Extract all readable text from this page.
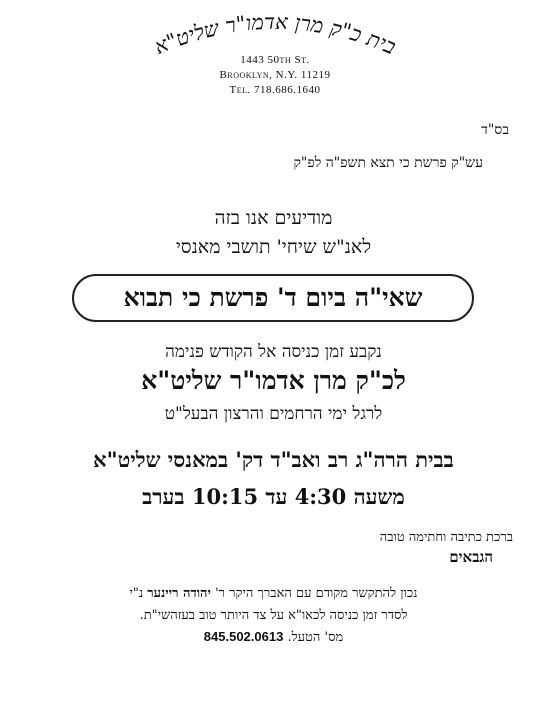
בית כ"ק מרן אדמו"ר שליט"א
1443 50th St.
Brooklyn, N.Y. 11219
Tel. 718.686.1640
בס"ד
עש"ק פרשת כי תצא תשפ"ה לפ"ק
מודיעים אנו בזה
לאנ"ש שיחי' תושבי מאנסי
שאי"ה ביום ד' פרשת כי תבוא
נקבע זמן כניסה אל הקודש פנימה
לכ"ק מרן אדמו"ר שליט"א
לרגל ימי הרחמים והרצון הבעל"ט
בבית הרה"ג רב ואב"ד דק' במאנסי שליט"א
משעה 4:30 עד 10:15 בערב
ברכת כתיבה וחתימה טובה
הגבאים
נכון להתקשר מקודם עם האברך היקר ר' יהודה ריינער נ"י
לסדר זמן כניסה לכאו"א על צד היותר טוב בעזהשי"ת.
מס' הטעל. 845.502.0613
